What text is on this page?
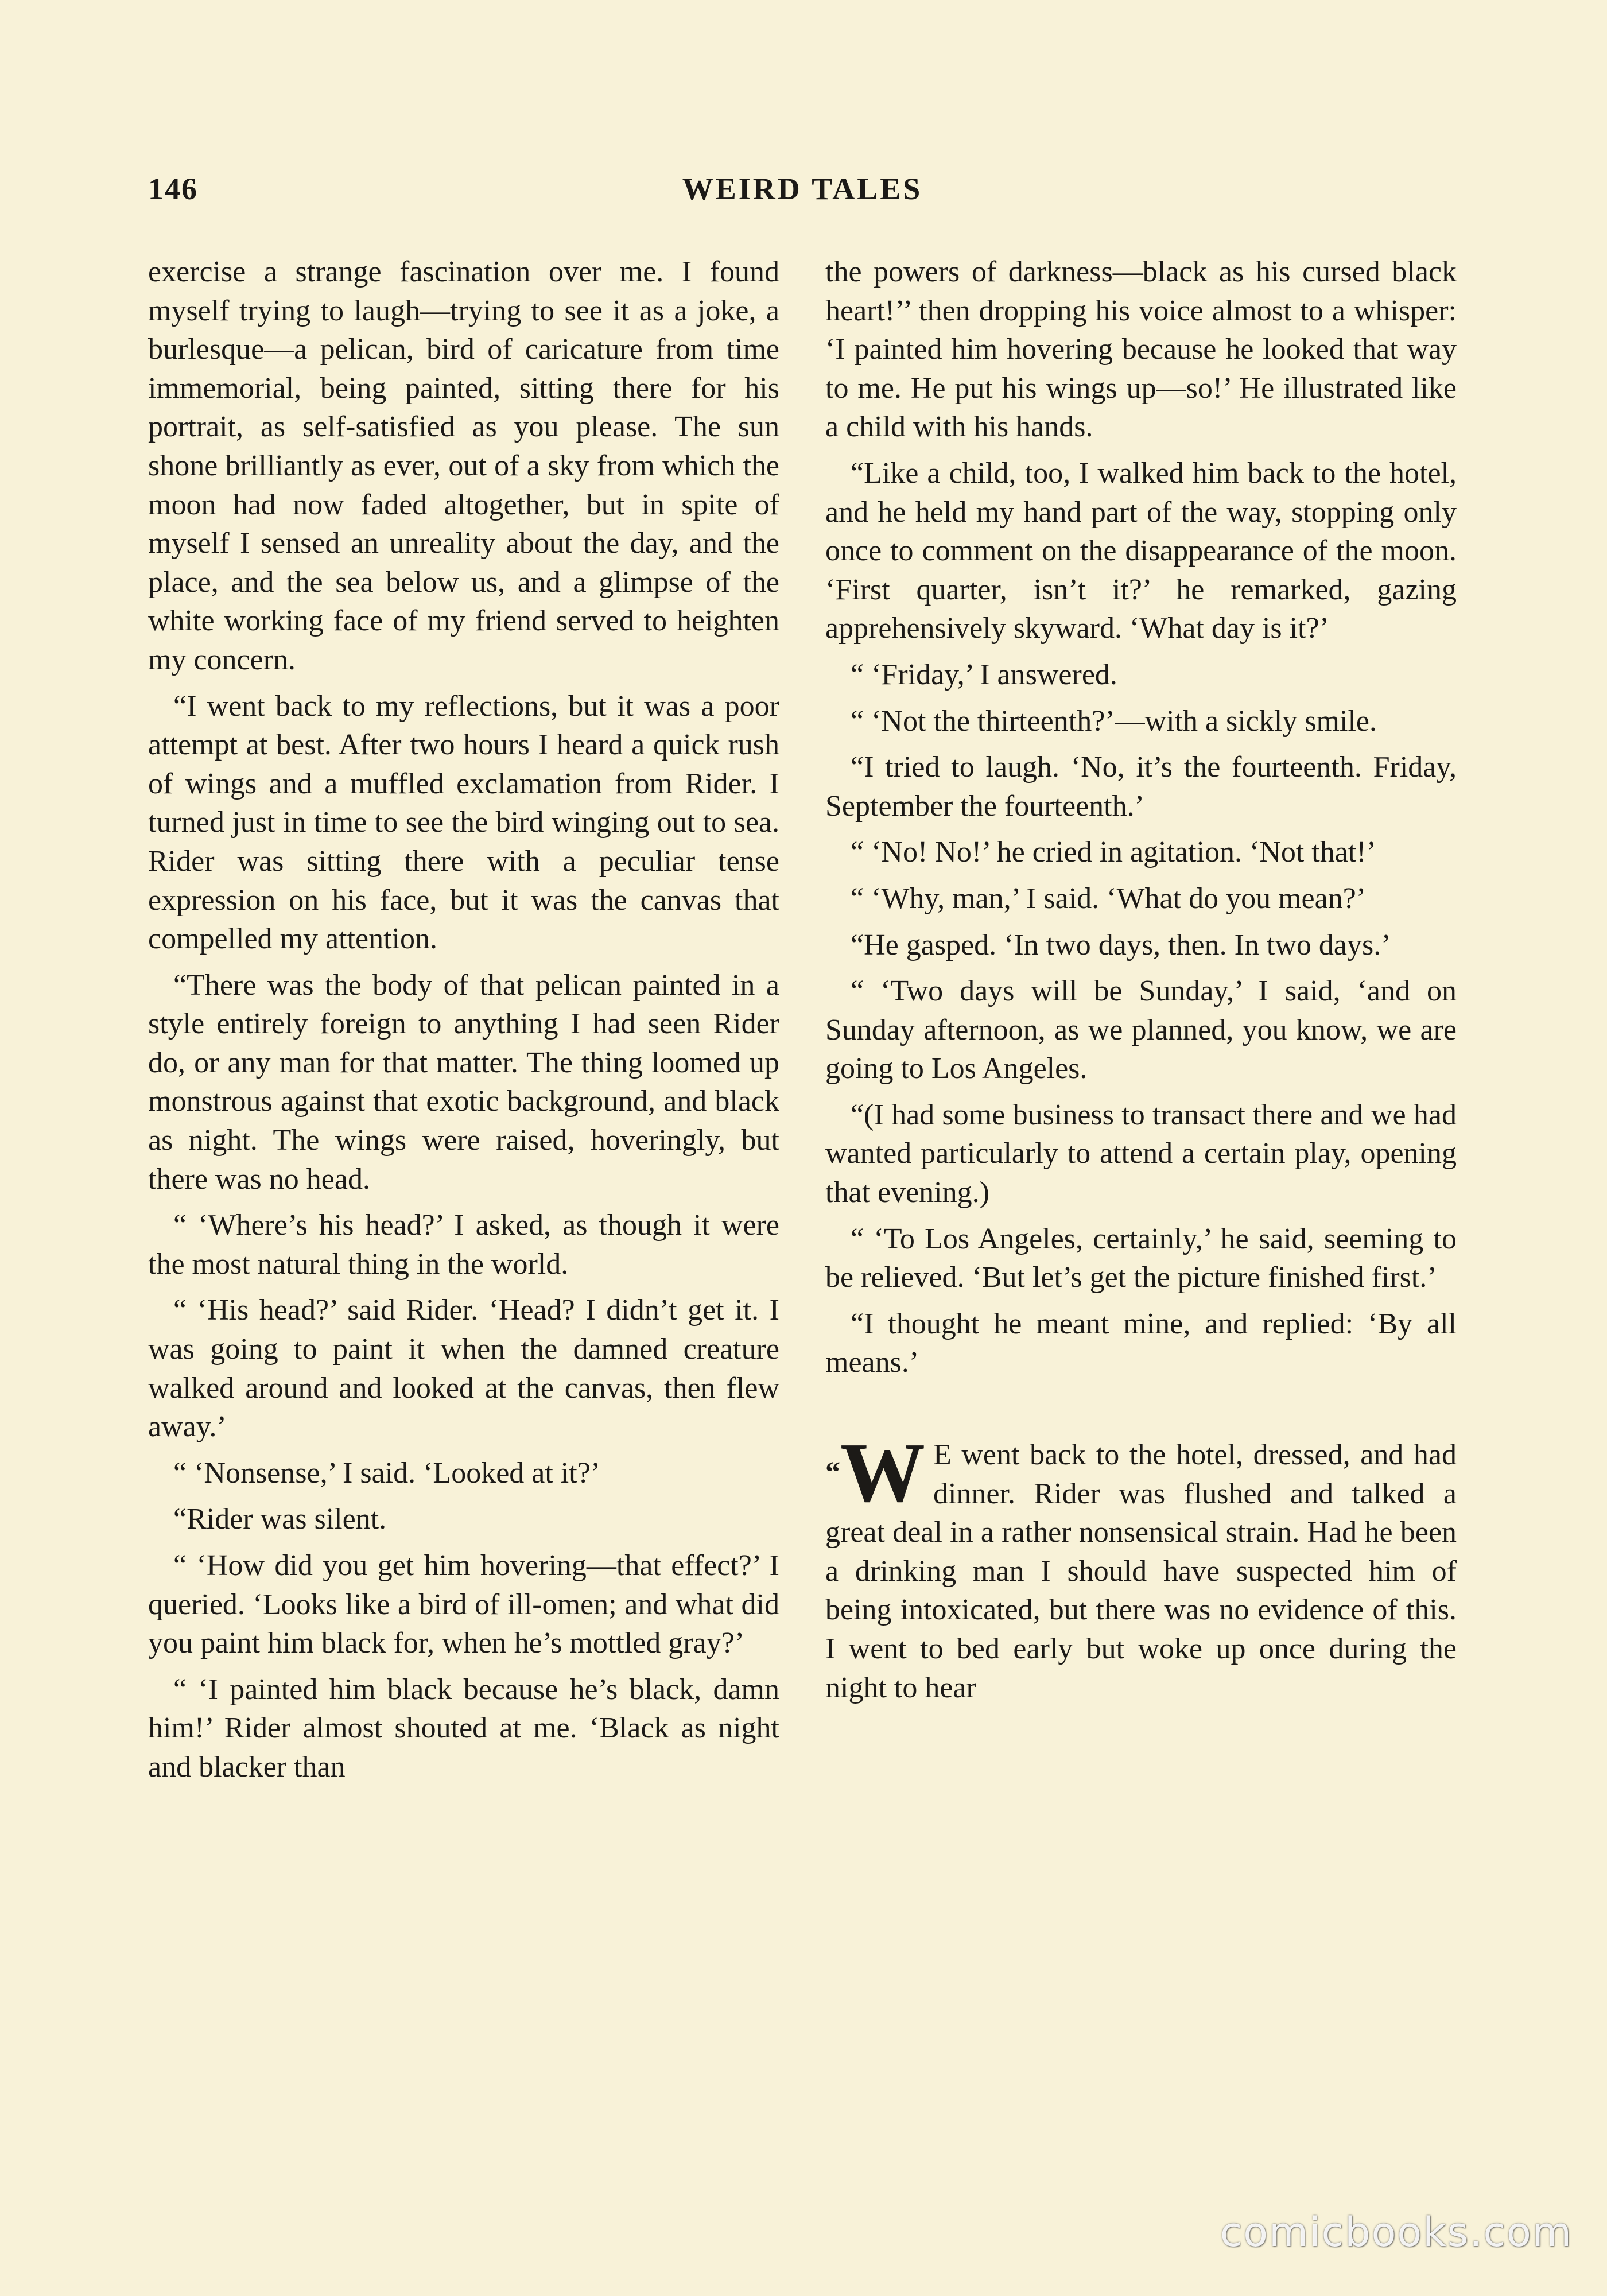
146	WEIRD TALES

exercise a strange fascination over me. I found myself trying to laugh—trying to see it as a joke, a burlesque—a pelican, bird of caricature from time immemorial, being painted, sitting there for his portrait, as self-satisfied as you please. The sun shone brilliantly as ever, out of a sky from which the moon had now faded altogether, but in spite of myself I sensed an unreality about the day, and the place, and the sea below us, and a glimpse of the white working face of my friend served to heighten my concern.

“I went back to my reflections, but it was a poor attempt at best. After two hours I heard a quick rush of wings and a muffled exclamation from Rider. I turned just in time to see the bird winging out to sea. Rider was sitting there with a peculiar tense expression on his face, but it was the canvas that compelled my attention.

“There was the body of that pelican painted in a style entirely foreign to anything I had seen Rider do, or any man for that matter. The thing loomed up monstrous against that exotic background, and black as night. The wings were raised, hoveringly, but there was no head.

“ ‘Where’s his head?’ I asked, as though it were the most natural thing in the world.

“ ‘His head?’ said Rider. ‘Head? I didn’t get it. I was going to paint it when the damned creature walked around and looked at the canvas, then flew away.’

“ ‘Nonsense,’ I said. ‘Looked at it?’

“Rider was silent.

“ ‘How did you get him hovering—that effect?’ I queried. ‘Looks like a bird of ill-omen; and what did you paint him black for, when he’s mottled gray?’

“ ‘I painted him black because he’s black, damn him!’ Rider almost shouted at me. ‘Black as night and blacker than

the powers of darkness—black as his cursed black heart!’’ then dropping his voice almost to a whisper: ‘I painted him hovering because he looked that way to me. He put his wings up—so!’ He illustrated like a child with his hands.

“Like a child, too, I walked him back to the hotel, and he held my hand part of the way, stopping only once to comment on the disappearance of the moon. ‘First quarter, isn’t it?’ he remarked, gazing apprehensively skyward. ‘What day is it?’

“ ‘Friday,’ I answered.

“ ‘Not the thirteenth?’—with a sickly smile.

“I tried to laugh. ‘No, it’s the fourteenth. Friday, September the fourteenth.’

“ ‘No! No!’ he cried in agitation. ‘Not that!’

“ ‘Why, man,’ I said. ‘What do you mean?’

“He gasped. ‘In two days, then. In two days.’

“ ‘Two days will be Sunday,’ I said, ‘and on Sunday afternoon, as we planned, you know, we are going to Los Angeles.

“(I had some business to transact there and we had wanted particularly to attend a certain play, opening that evening.)

“ ‘To Los Angeles, certainly,’ he said, seeming to be relieved. ‘But let’s get the picture finished first.’

“I thought he meant mine, and replied: ‘By all means.’

“W E went back to the hotel, dressed, and had dinner. Rider was flushed and talked a great deal in a rather nonsensical strain. Had he been a drinking man I should have suspected him of being intoxicated, but there was no evidence of this. I went to bed early but woke up once during the night to hear

comicbooks.com
